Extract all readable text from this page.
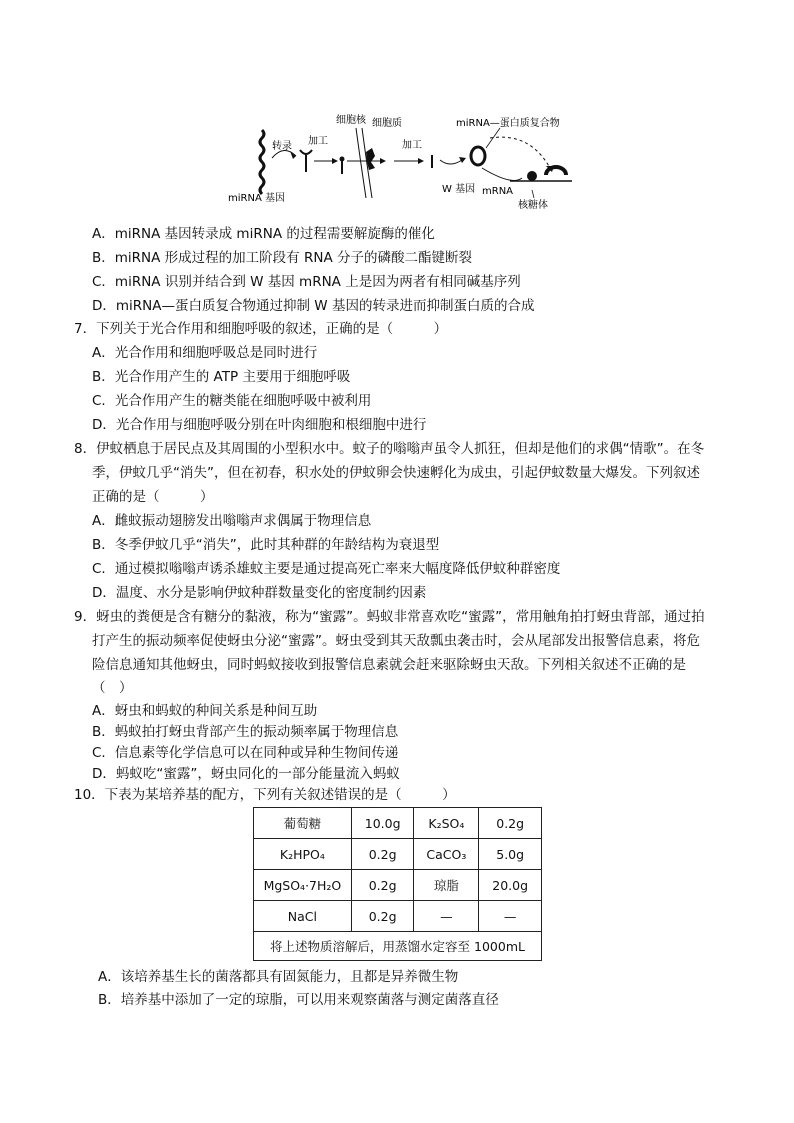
细胞核 细胞质
转录 加工	加工
miRNA—蛋白质复合物
miRNA 基因
W 基因 mRNA
核糖体
A．miRNA 基因转录成 miRNA 的过程需要解旋酶的催化
B．miRNA 形成过程的加工阶段有 RNA 分子的磷酸二酯键断裂
C．miRNA 识别并结合到 W 基因 mRNA 上是因为两者有相同碱基序列
D．miRNA—蛋白质复合物通过抑制 W 基因的转录进而抑制蛋白质的合成
7．下列关于光合作用和细胞呼吸的叙述，正确的是（　　　）
A．光合作用和细胞呼吸总是同时进行
B．光合作用产生的 ATP 主要用于细胞呼吸
C．光合作用产生的糖类能在细胞呼吸中被利用
D．光合作用与细胞呼吸分别在叶肉细胞和根细胞中进行
8．伊蚊栖息于居民点及其周围的小型积水中。蚊子的嗡嗡声虽令人抓狂，但却是他们的求偶“情歌”。在冬
季，伊蚊几乎“消失”，但在初春，积水处的伊蚊卵会快速孵化为成虫，引起伊蚊数量大爆发。下列叙述
正确的是（　　　）
A．雌蚊振动翅膀发出嗡嗡声求偶属于物理信息
B．冬季伊蚊几乎“消失”，此时其种群的年龄结构为衰退型
C．通过模拟嗡嗡声诱杀雄蚊主要是通过提高死亡率来大幅度降低伊蚊种群密度
D．温度、水分是影响伊蚊种群数量变化的密度制约因素
9．蚜虫的粪便是含有糖分的黏液，称为“蜜露”。蚂蚁非常喜欢吃“蜜露”，常用触角拍打蚜虫背部，通过拍
打产生的振动频率促使蚜虫分泌“蜜露”。蚜虫受到其天敌瓢虫袭击时，会从尾部发出报警信息素，将危
险信息通知其他蚜虫，同时蚂蚁接收到报警信息素就会赶来驱除蚜虫天敌。下列相关叙述不正确的是
（　）
A．蚜虫和蚂蚁的种间关系是种间互助
B．蚂蚁拍打蚜虫背部产生的振动频率属于物理信息
C．信息素等化学信息可以在同种或异种生物间传递
D．蚂蚁吃“蜜露”，蚜虫同化的一部分能量流入蚂蚁
10．下表为某培养基的配方，下列有关叙述错误的是（　　　）
葡萄糖	10.0g	K₂SO₄	0.2g
K₂HPO₄	0.2g	CaCO₃	5.0g
MgSO₄·7H₂O	0.2g	琼脂	20.0g
NaCl	0.2g	—	—
将上述物质溶解后，用蒸馏水定容至 1000mL			
A．该培养基生长的菌落都具有固氮能力，且都是异养微生物
B．培养基中添加了一定的琼脂，可以用来观察菌落与测定菌落直径
